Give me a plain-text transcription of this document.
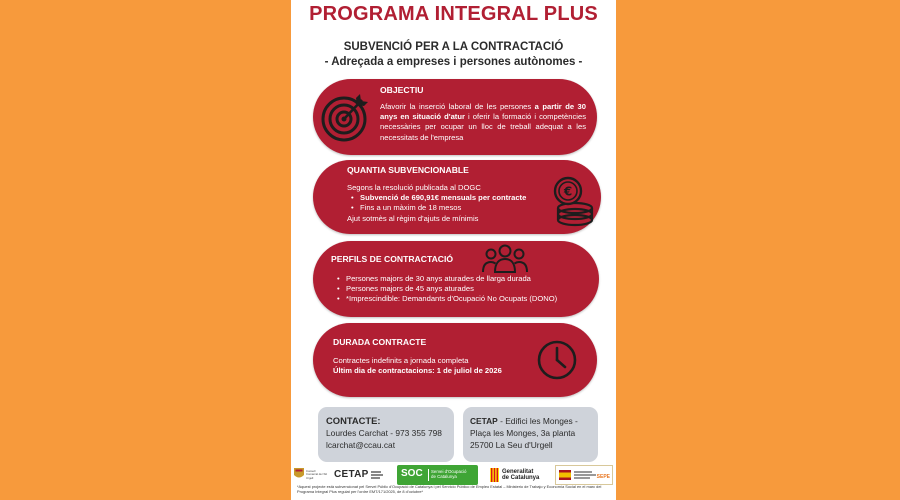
PROGRAMA INTEGRAL PLUS
SUBVENCIÓ PER A LA CONTRACTACIÓ
- Adreçada a empreses i persones autònomes -
OBJECTIU
Afavorir la inserció laboral de les persones a partir de 30 anys en situació d'atur i oferir la formació i competències necessàries per ocupar un lloc de treball adequat a les necessitats de l'empresa
QUANTIA SUBVENCIONABLE
Segons la resolució publicada al DOGC
• Subvenció de 690,91€ mensuals per contracte
• Fins a un màxim de 18 mesos
Ajut sotmès al règim d'ajuts de mínimis
€
PERFILS DE CONTRACTACIÓ
• Persones majors de 30 anys aturades de llarga durada
• Persones majors de 45 anys aturades
• *Imprescindible: Demandants d'Ocupació No Ocupats (DONO)
DURADA CONTRACTE
Contractes indefinits a jornada completa
Últim dia de contractacions: 1 de juliol de 2026
CONTACTE:
Lourdes Carchat - 973 355 798
lcarchat@ccau.cat
CETAP - Edifici les Monges -
Plaça les Monges, 3a planta
25700 La Seu d'Urgell
Consell Comarcal de l'Alt Urgell	CETAP	SOC Servei d'Ocupació
de Catalunya
Generalitat
de Catalunya	SEPE
*Aquest projecte està subvencionat pel Servei Públic d'Ocupació de Catalunya i pel Servicio Público de Empleo Estatal – Ministerio de Trabajo y Economía Social en el marc del Programa Integral Plus regulat per l'ordre EMT/171/2025, de 8 d'octubre*
